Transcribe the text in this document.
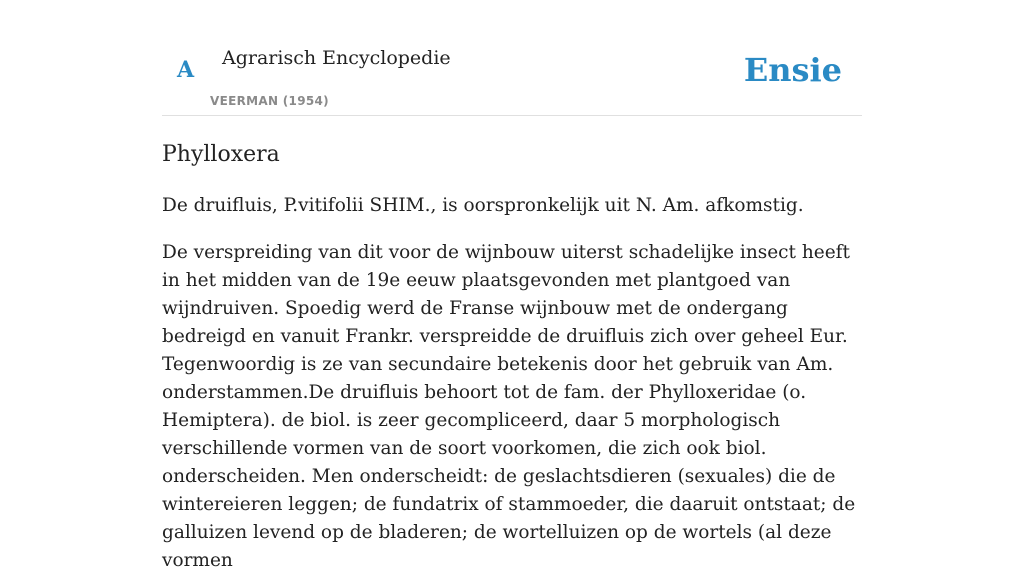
A Agrarisch Encyclopedie
VEERMAN (1954)
Ensie
Phylloxera

De druifluis, P.vitifolii SHIM., is oorspronkelijk uit N. Am. afkomstig.

De verspreiding van dit voor de wijnbouw uiterst schadelijke insect heeft in het midden van de 19e eeuw plaatsgevonden met plantgoed van wijndruiven. Spoedig werd de Franse wijnbouw met de ondergang bedreigd en vanuit Frankr. verspreidde de druifluis zich over geheel Eur. Tegenwoordig is ze van secundaire betekenis door het gebruik van Am. onderstammen.De druifluis behoort tot de fam. der Phylloxeridae (o. Hemiptera). de biol. is zeer gecompliceerd, daar 5 morphologisch verschillende vormen van de soort voorkomen, die zich ook biol. onderscheiden. Men onderscheidt: de geslachtsdieren (sexuales) die de wintereieren leggen; de fundatrix of stammoeder, die daaruit ontstaat; de galluizen levend op de bladeren; de wortelluizen op de wortels (al deze vormen
